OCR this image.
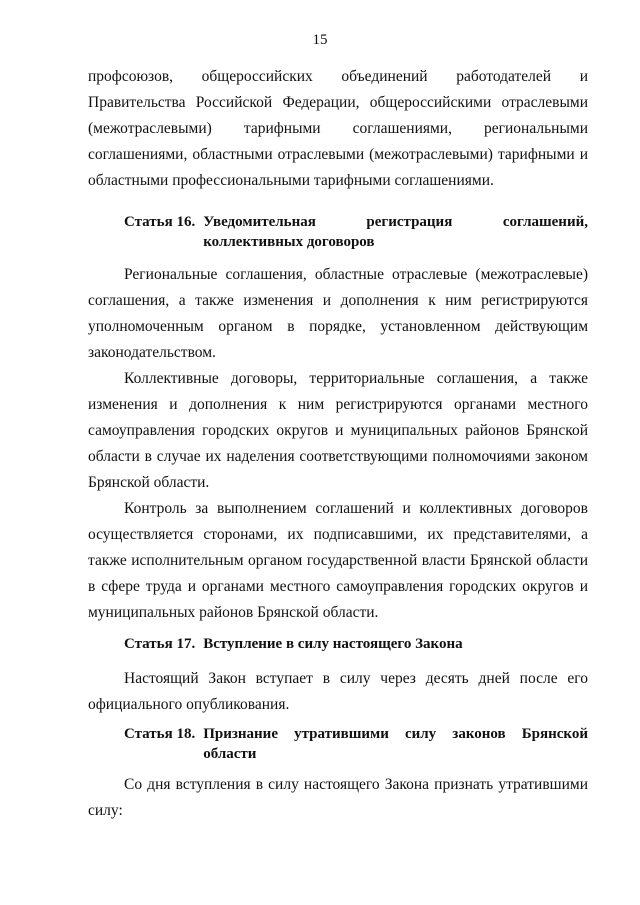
15

профсоюзов, общероссийских объединений работодателей и Правительства Российской Федерации, общероссийскими отраслевыми (межотраслевыми) тарифными соглашениями, региональными соглашениями, областными отраслевыми (межотраслевыми) тарифными и областными профессиональными тарифными соглашениями.

Статья 16. Уведомительная регистрация соглашений, коллективных договоров

Региональные соглашения, областные отраслевые (межотраслевые) соглашения, а также изменения и дополнения к ним регистрируются уполномоченным органом в порядке, установленном действующим законодательством.

Коллективные договоры, территориальные соглашения, а также изменения и дополнения к ним регистрируются органами местного самоуправления городских округов и муниципальных районов Брянской области в случае их наделения соответствующими полномочиями законом Брянской области.

Контроль за выполнением соглашений и коллективных договоров осуществляется сторонами, их подписавшими, их представителями, а также исполнительным органом государственной власти Брянской области в сфере труда и органами местного самоуправления городских округов и муниципальных районов Брянской области.

Статья 17. Вступление в силу настоящего Закона

Настоящий Закон вступает в силу через десять дней после его официального опубликования.

Статья 18. Признание утратившими силу законов Брянской области

Со дня вступления в силу настоящего Закона признать утратившими силу:
